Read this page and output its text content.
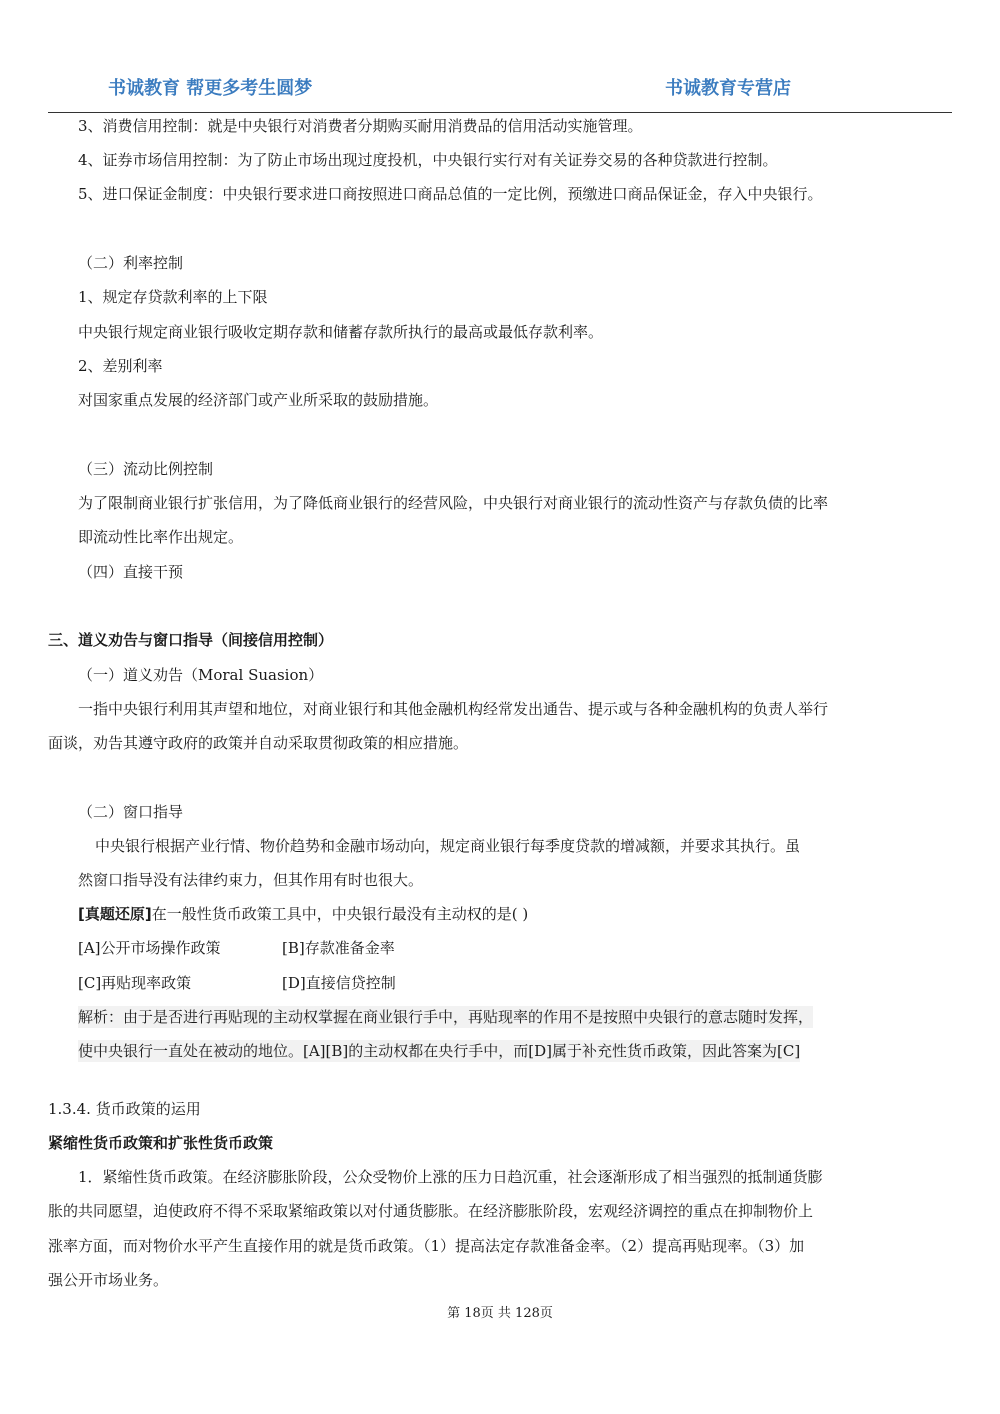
书诚教育 帮更多考生圆梦	书诚教育专营店
3、消费信用控制：就是中央银行对消费者分期购买耐用消费品的信用活动实施管理。
4、证券市场信用控制：为了防止市场出现过度投机，中央银行实行对有关证券交易的各种贷款进行控制。
5、进口保证金制度：中央银行要求进口商按照进口商品总值的一定比例，预缴进口商品保证金，存入中央银行。
（二）利率控制
1、规定存贷款利率的上下限
中央银行规定商业银行吸收定期存款和储蓄存款所执行的最高或最低存款利率。
2、差别利率
对国家重点发展的经济部门或产业所采取的鼓励措施。
（三）流动比例控制
为了限制商业银行扩张信用，为了降低商业银行的经营风险，中央银行对商业银行的流动性资产与存款负债的比率
即流动性比率作出规定。
（四）直接干预
三、道义劝告与窗口指导（间接信用控制）
（一）道义劝告（Moral Suasion）
一指中央银行利用其声望和地位，对商业银行和其他金融机构经常发出通告、提示或与各种金融机构的负责人举行
面谈，劝告其遵守政府的政策并自动采取贯彻政策的相应措施。
（二）窗口指导
中央银行根据产业行情、物价趋势和金融市场动向，规定商业银行每季度贷款的增减额，并要求其执行。虽
然窗口指导没有法律约束力，但其作用有时也很大。
[真题还原]在一般性货币政策工具中，中央银行最没有主动权的是( )
[A]公开市场操作政策	[B]存款准备金率
[C]再贴现率政策	[D]直接信贷控制
解析：由于是否进行再贴现的主动权掌握在商业银行手中，再贴现率的作用不是按照中央银行的意志随时发挥，
使中央银行一直处在被动的地位。[A][B]的主动权都在央行手中，而[D]属于补充性货币政策，因此答案为[C]
1.3.4. 货币政策的运用
紧缩性货币政策和扩张性货币政策
1．紧缩性货币政策。在经济膨胀阶段，公众受物价上涨的压力日趋沉重，社会逐渐形成了相当强烈的抵制通货膨
胀的共同愿望，迫使政府不得不采取紧缩政策以对付通货膨胀。在经济膨胀阶段，宏观经济调控的重点在抑制物价上
涨率方面，而对物价水平产生直接作用的就是货币政策。（1）提高法定存款准备金率。（2）提高再贴现率。（3）加
强公开市场业务。
第 18页 共 128页
